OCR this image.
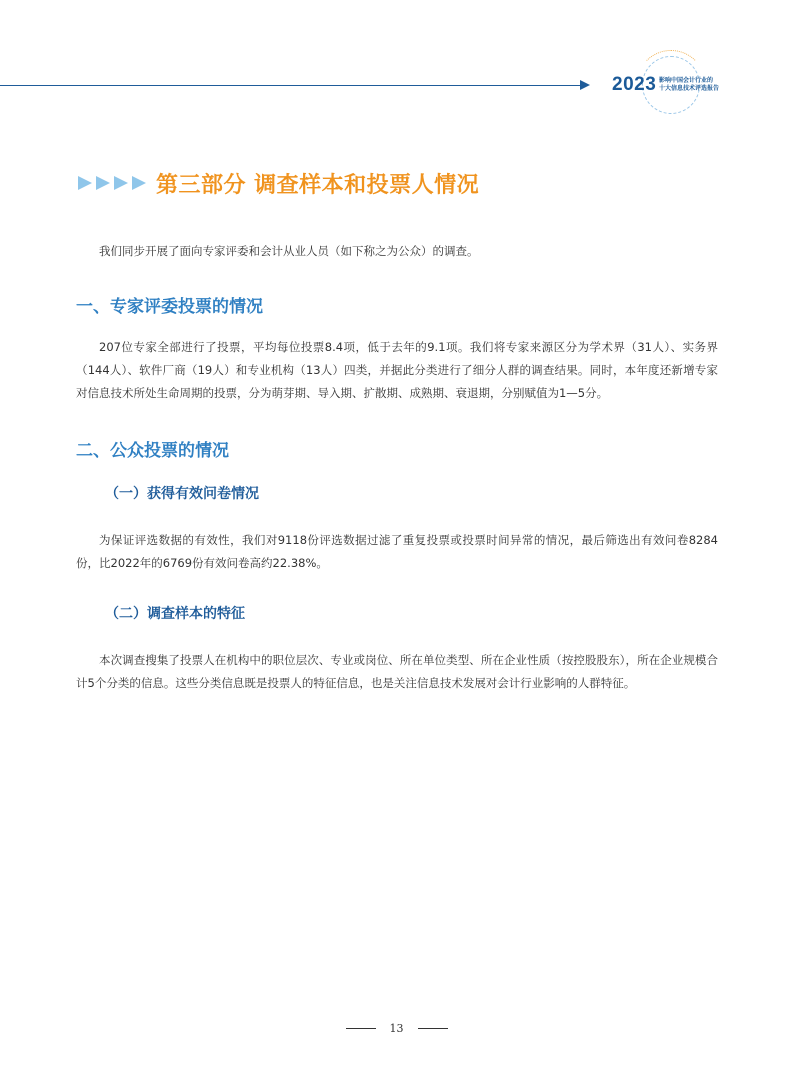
2023 影响中国会计行业的
十大信息技术评选报告
第三部分 调查样本和投票人情况
我们同步开展了面向专家评委和会计从业人员（如下称之为公众）的调查。
一、专家评委投票的情况
207位专家全部进行了投票，平均每位投票8.4项，低于去年的9.1项。我们将专家来源区分为学术界（31人）、实务界（144人）、软件厂商（19人）和专业机构（13人）四类，并据此分类进行了细分人群的调查结果。同时，本年度还新增专家对信息技术所处生命周期的投票，分为萌芽期、导入期、扩散期、成熟期、衰退期，分别赋值为1—5分。
二、公众投票的情况
（一）获得有效问卷情况
为保证评选数据的有效性，我们对9118份评选数据过滤了重复投票或投票时间异常的情况，最后筛选出有效问卷8284份，比2022年的6769份有效问卷高约22.38%。
（二）调查样本的特征
本次调查搜集了投票人在机构中的职位层次、专业或岗位、所在单位类型、所在企业性质（按控股股东），所在企业规模合计5个分类的信息。这些分类信息既是投票人的特征信息，也是关注信息技术发展对会计行业影响的人群特征。
13
